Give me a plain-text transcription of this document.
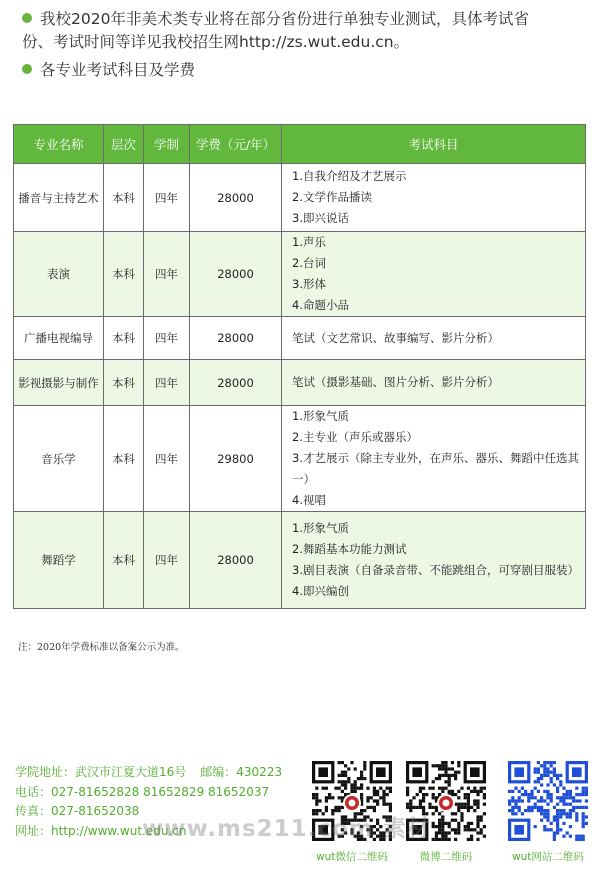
我校2020年非美术类专业将在部分省份进行单独专业测试，具体考试省
份、考试时间等详见我校招生网http://zs.wut.edu.cn。
各专业考试科目及学费
专业名称	层次	学制	学费（元/年）	考试科目
播音与主持艺术	本科	四年	28000	1.自我介绍及才艺展示
2.文学作品播读
3.即兴说话

表演	本科	四年	28000	1.声乐
2.台词
3.形体
4.命题小品

广播电视编导	本科	四年	28000	笔试（文艺常识、故事编写、影片分析）

影视摄影与制作	本科	四年	28000	笔试（摄影基础、图片分析、影片分析）

音乐学	本科	四年	29800	1.形象气质
2.主专业（声乐或器乐）
3.才艺展示（除主专业外，在声乐、器乐、舞蹈中任选其一）
4.视唱

舞蹈学	本科	四年	28000	1.形象气质
2.舞蹈基本功能力测试
3.剧目表演（自备录音带、不能跳组合，可穿剧目服装）
4.即兴编创
注：2020年学费标准以备案公示为准。
学院地址：武汉市江夏大道16号 邮编：430223
电话：027-81652828 81652829 81652037
传真：027-81652038
网址：http://www.wut.edu.cn
wut微信二维码	微博二维码	wut网站二维码
www.ms211.com 素材
